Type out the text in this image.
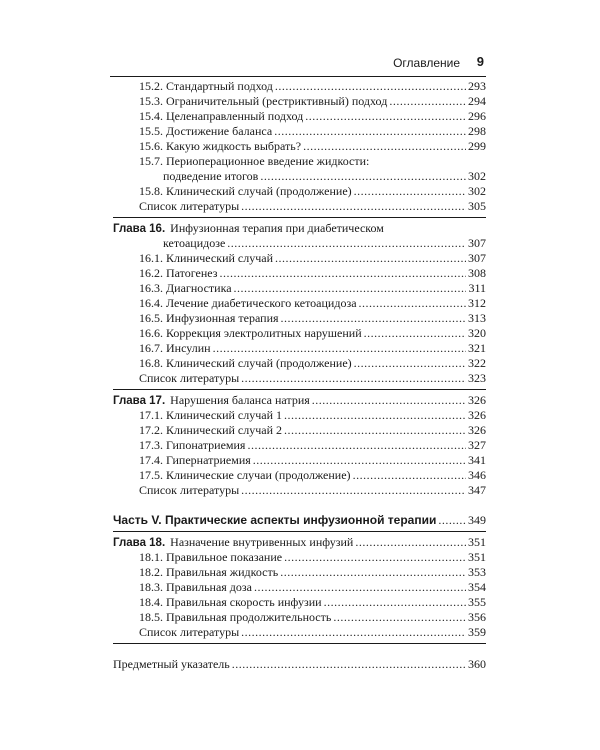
Оглавление 9
15.2. Стандартный подход .....	293
15.3. Ограничительный (рестриктивный) подход .....	294
15.4. Целенаправленный подход .....	296
15.5. Достижение баланса .....	298
15.6. Какую жидкость выбрать? .....	299
15.7. Периоперационное введение жидкости:
подведение итогов .....	302
15.8. Клинический случай (продолжение) .....	302
Список литературы .....	305
Глава 16. Инфузионная терапия при диабетическом
кетоацидозе .....	307
16.1. Клинический случай .....	307
16.2. Патогенез .....	308
16.3. Диагностика .....	311
16.4. Лечение диабетического кетоацидоза .....	312
16.5. Инфузионная терапия .....	313
16.6. Коррекция электролитных нарушений .....	320
16.7. Инсулин .....	321
16.8. Клинический случай (продолжение) .....	322
Список литературы .....	323
Глава 17. Нарушения баланса натрия .....	326
17.1. Клинический случай 1 .....	326
17.2. Клинический случай 2 .....	326
17.3. Гипонатриемия .....	327
17.4. Гипернатриемия .....	341
17.5. Клинические случаи (продолжение) .....	346
Список литературы .....	347
Часть V. Практические аспекты инфузионной терапии .....	349
Глава 18. Назначение внутривенных инфузий .....	351
18.1. Правильное показание .....	351
18.2. Правильная жидкость .....	353
18.3. Правильная доза .....	354
18.4. Правильная скорость инфузии .....	355
18.5. Правильная продолжительность .....	356
Список литературы .....	359
Предметный указатель .....	360
